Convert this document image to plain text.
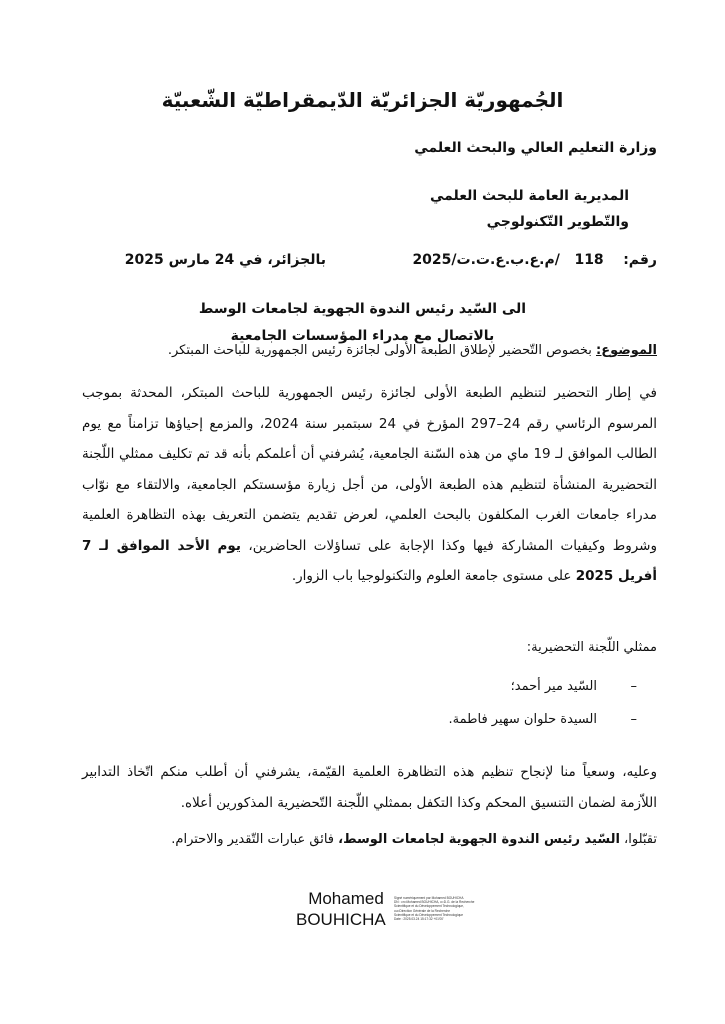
الجُمهوريّة الجزائريّة الدّيمقراطيّة الشّعبيّة
وزارة التعليم العالي والبحث العلمي
المديرية العامة للبحث العلمي
والتّطوير التّكنولوجي
رقم:    118   /م.ع.ب.ع.ت.ت/2025
بالجزائر، في 24 مارس 2025
الى السّيد رئيس الندوة الجهوية لجامعات الوسط
بالاتصال مع مدراء المؤسسات الجامعية
الموضوع: بخصوص التّحضير لإطلاق الطبعة الأولى لجائزة رئيس الجمهورية للباحث المبتكر.
في إطار التحضير لتنظيم الطبعة الأولى لجائزة رئيس الجمهورية للباحث المبتكر، المحدثة بموجب المرسوم الرئاسي رقم 24–297 المؤرخ في 24 سبتمبر سنة 2024، والمزمع إحياؤها تزامناً مع يوم الطالب الموافق لـ 19 ماي من هذه السّنة الجامعية، يُشرفني أن أعلمكم بأنه قد تم تكليف ممثلي اللّجنة التحضيرية المنشأة لتنظيم هذه الطبعة الأولى، من أجل زيارة مؤسستكم الجامعية، والالتقاء مع نوّاب مدراء جامعات الغرب المكلفون بالبحث العلمي، لعرض تقديم يتضمن التعريف بهذه التظاهرة العلمية وشروط وكيفيات المشاركة فيها وكذا الإجابة على تساؤلات الحاضرين، يوم الأحد الموافق لـ 7 أفريل 2025 على مستوى جامعة العلوم والتكنولوجيا باب الزوار.
ممثلي اللّجنة التحضيرية:
–السّيد مير أحمد؛
–السيدة حلوان سهير فاطمة.
وعليه، وسعياً منا لإنجاح تنظيم هذه التظاهرة العلمية القيّمة، يشرفني أن أطلب منكم اتّخاذ التدابير اللاّزمة لضمان التنسيق المحكم وكذا التكفل بممثلي اللّجنة التّحضيرية المذكورين أعلاه.
تقبّلوا، السّيد رئيس الندوة الجهوية لجامعات الوسط، فائق عبارات التّقدير والاحترام.
Mohamed
BOUHICHA
Signé numériquement par Mohamed BOUHICHA
DN : cn=Mohamed BOUHICHA, o=D.G. de la Recherche
Scientifique et du Développement Technologique,
ou=Direction Générale de la Recherche
Scientifique et du Développement Technologique
Date : 2025.03.24 15:17:32 +01'00'
